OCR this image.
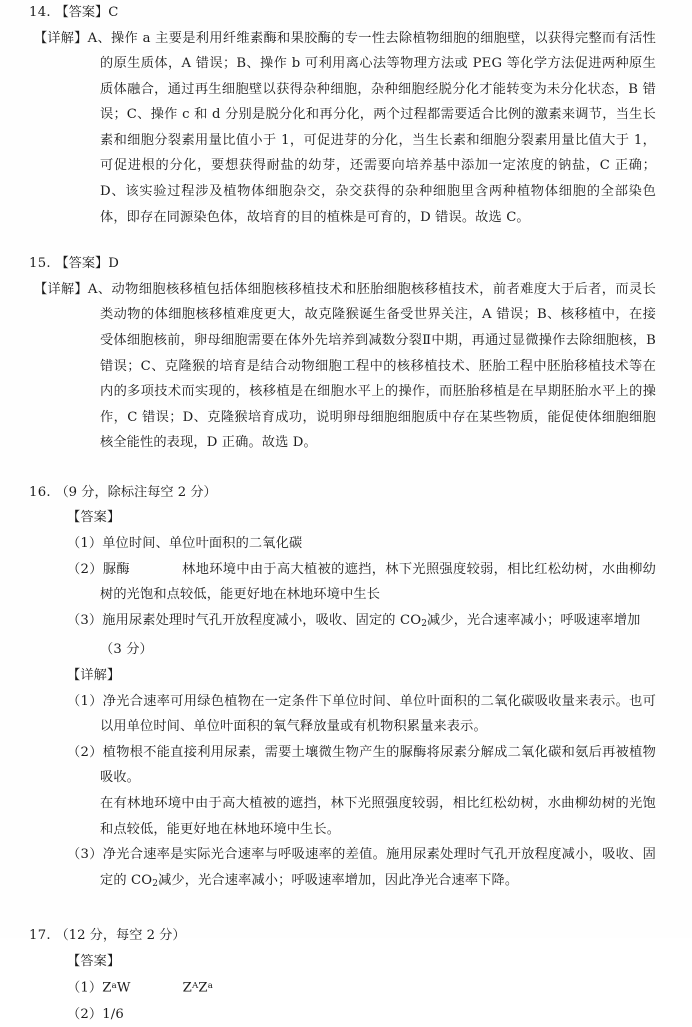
14. 【答案】C
【详解】A、操作 a 主要是利用纤维素酶和果胶酶的专一性去除植物细胞的细胞壁，以获得完整而有活性的原生质体，A 错误；B、操作 b 可利用离心法等物理方法或 PEG 等化学方法促进两种原生质体融合，通过再生细胞壁以获得杂种细胞，杂种细胞经脱分化才能转变为未分化状态，B 错误；C、操作 c 和 d 分别是脱分化和再分化，两个过程都需要适合比例的激素来调节，当生长素和细胞分裂素用量比值小于 1，可促进芽的分化，当生长素和细胞分裂素用量比值大于 1，可促进根的分化，要想获得耐盐的幼芽，还需要向培养基中添加一定浓度的钠盐，C 正确；D、该实验过程涉及植物体细胞杂交，杂交获得的杂种细胞里含两种植物体细胞的全部染色体，即存在同源染色体，故培育的目的植株是可育的，D 错误。故选 C。
15. 【答案】D
【详解】A、动物细胞核移植包括体细胞核移植技术和胚胎细胞核移植技术，前者难度大于后者，而灵长类动物的体细胞核移植难度更大，故克隆猴诞生备受世界关注，A 错误；B、核移植中，在接受体细胞核前，卵母细胞需要在体外先培养到减数分裂Ⅱ中期，再通过显微操作去除细胞核，B 错误；C、克隆猴的培育是结合动物细胞工程中的核移植技术、胚胎工程中胚胎移植技术等在内的多项技术而实现的，核移植是在细胞水平上的操作，而胚胎移植是在早期胚胎水平上的操作，C 错误；D、克隆猴培育成功，说明卵母细胞细胞质中存在某些物质，能促使体细胞细胞核全能性的表现，D 正确。故选 D。
16. （9 分，除标注每空 2 分）
【答案】
（1）单位时间、单位叶面积的二氧化碳
（2）脲酶	林地环境中由于高大植被的遮挡，林下光照强度较弱，相比红松幼树，水曲柳幼树的光饱和点较低，能更好地在林地环境中生长
（3）施用尿素处理时气孔开放程度减小，吸收、固定的 $CO_2$减少，光合速率减小；呼吸速率增加
（3 分）
【详解】
（1）净光合速率可用绿色植物在一定条件下单位时间、单位叶面积的二氧化碳吸收量来表示。也可以用单位时间、单位叶面积的氧气释放量或有机物积累量来表示。
（2）植物根不能直接利用尿素，需要土壤微生物产生的脲酶将尿素分解成二氧化碳和氨后再被植物吸收。
在有林地环境中由于高大植被的遮挡，林下光照强度较弱，相比红松幼树，水曲柳幼树的光饱和点较低，能更好地在林地环境中生长。
（3）净光合速率是实际光合速率与呼吸速率的差值。施用尿素处理时气孔开放程度减小，吸收、固定的 $CO_2$减少，光合速率减小；呼吸速率增加，因此净光合速率下降。
17. （12 分，每空 2 分）
【答案】
$(1)Z^aW$	$Z^AZ^a$
（2）1/6
